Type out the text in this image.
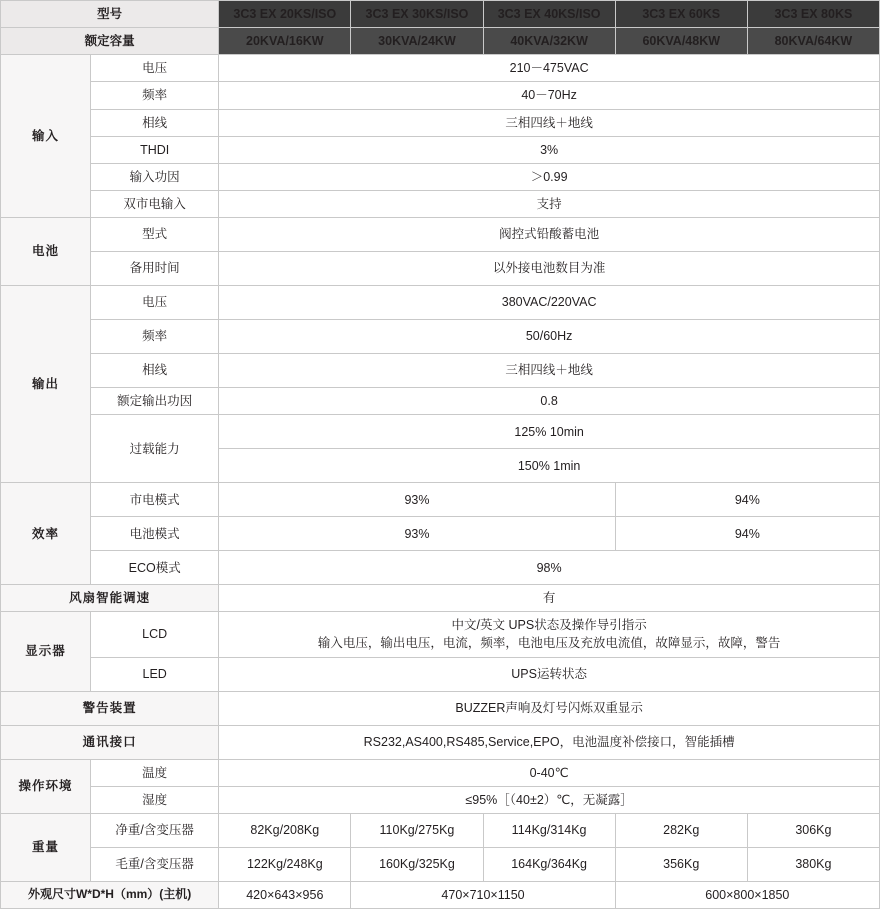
型号		3C3 EX 20KS/ISO	3C3 EX 30KS/ISO	3C3 EX 40KS/ISO	3C3 EX 60KS	3C3 EX 80KS
额定容量		20KVA/16KW	30KVA/24KW	40KVA/32KW	60KVA/48KW	80KVA/64KW
输入	电压	210－475VAC				
	频率	40－70Hz				
	相线	三相四线＋地线				
	THDI	3%				
	输入功因	＞0.99				
	双市电输入	支持				
电池	型式	阀控式铅酸蓄电池				
	备用时间	以外接电池数目为准				
输出	电压	380VAC/220VAC				
	频率	50/60Hz				
	相线	三相四线＋地线				
	额定输出功因	0.8				
	过载能力	125% 10min				
		150% 1min				
效率	市电模式	93%			94%	
	电池模式	93%			94%	
	ECO模式	98%				
风扇智能调速		有				
显示器	LCD	中文/英文 UPS状态及操作导引指示
输入电压，输出电压，电流，频率，电池电压及充放电流值，故障显示，故障，警告				

	LED	UPS运转状态				
警告装置		BUZZER声响及灯号闪烁双重显示				
通讯接口		RS232,AS400,RS485,Service,EPO，电池温度补偿接口，智能插槽				
操作环境	温度	0-40℃				
	湿度	≤95%［（40±2）℃，无凝露］				
重量	净重/含变压器	82Kg/208Kg	110Kg/275Kg	114Kg/314Kg	282Kg	306Kg
	毛重/含变压器	122Kg/248Kg	160Kg/325Kg	164Kg/364Kg	356Kg	380Kg
外观尺寸W*D*H（mm）(主机)		420×643×956	470×710×1150		600×800×1850	
